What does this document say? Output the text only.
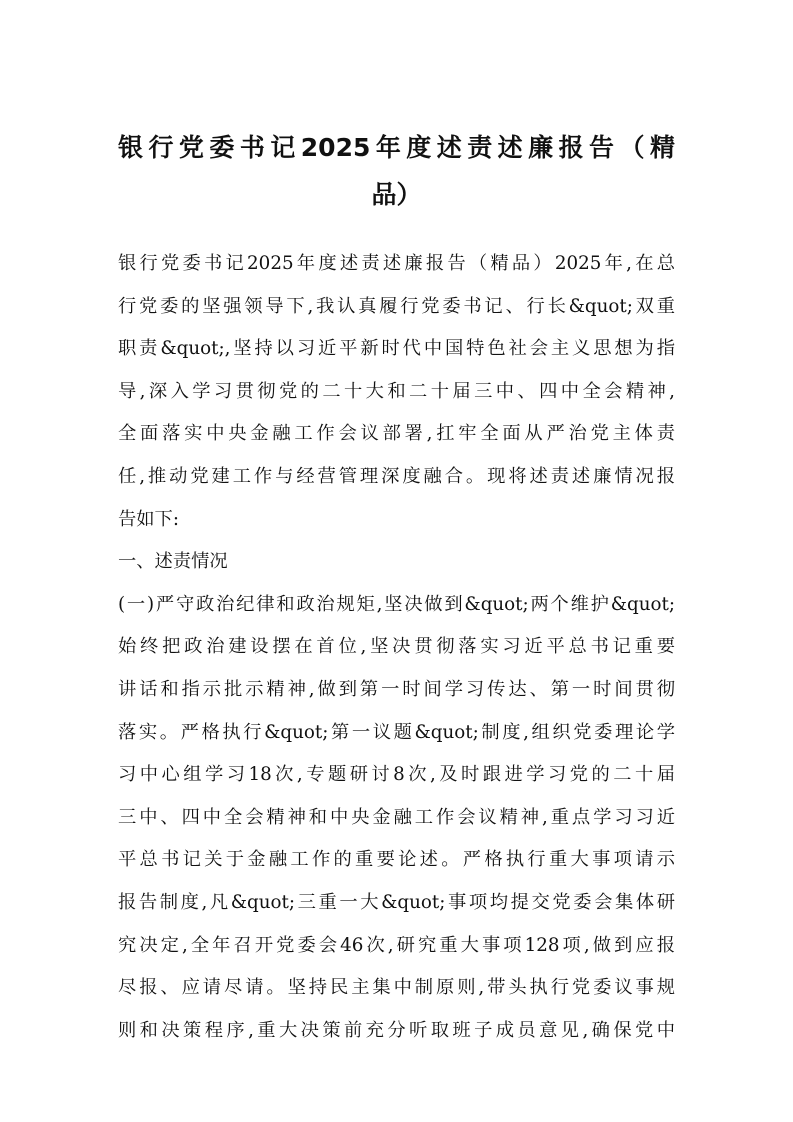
银行党委书记2025年度述责述廉报告（精
品）
银行党委书记2025年度述责述廉报告（精品）2025年,在总
行党委的坚强领导下,我认真履行党委书记、行长&quot;双重
职责&quot;,坚持以习近平新时代中国特色社会主义思想为指
导,深入学习贯彻党的二十大和二十届三中、四中全会精神,
全面落实中央金融工作会议部署,扛牢全面从严治党主体责
任,推动党建工作与经营管理深度融合。现将述责述廉情况报
告如下:
一、述责情况
(一)严守政治纪律和政治规矩,坚决做到&quot;两个维护&quot;
始终把政治建设摆在首位,坚决贯彻落实习近平总书记重要
讲话和指示批示精神,做到第一时间学习传达、第一时间贯彻
落实。严格执行&quot;第一议题&quot;制度,组织党委理论学
习中心组学习18次,专题研讨8次,及时跟进学习党的二十届
三中、四中全会精神和中央金融工作会议精神,重点学习习近
平总书记关于金融工作的重要论述。严格执行重大事项请示
报告制度,凡&quot;三重一大&quot;事项均提交党委会集体研
究决定,全年召开党委会46次,研究重大事项128项,做到应报
尽报、应请尽请。坚持民主集中制原则,带头执行党委议事规
则和决策程序,重大决策前充分听取班子成员意见,确保党中
